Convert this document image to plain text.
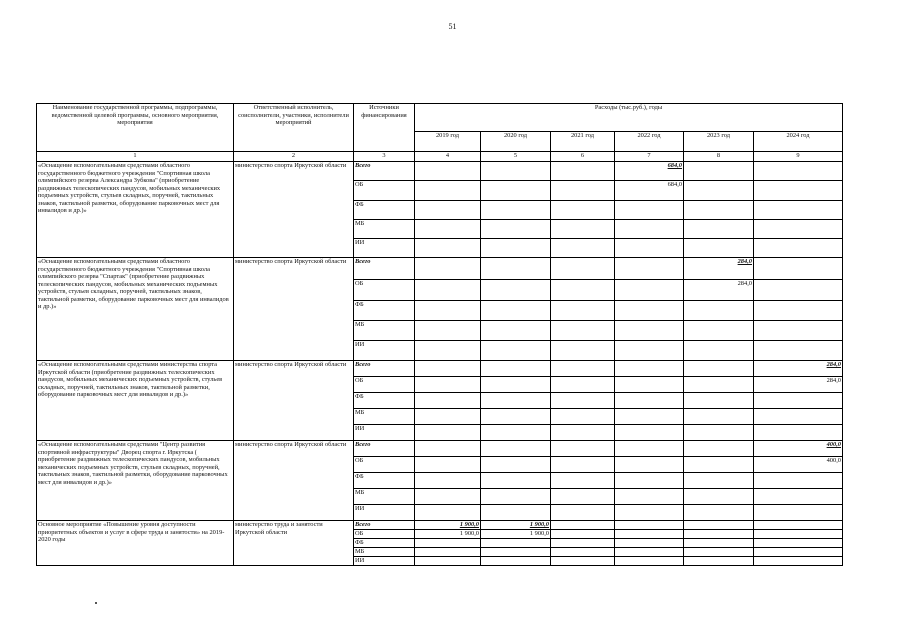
51
Наименование государственной программы, подпрограммы, ведомственной целевой программы, основного мероприятия, мероприятия	Ответственный исполнитель, соисполнители, участники, исполнители мероприятий	Источники финансирования	Расходы (тыс.руб.), годы					
			2019 год	2020 год	2021 год	2022 год	2023 год	2024 год
1	2	3	4	5	6	7	8	9
«Оснащение вспомогательными средствами областного государственного бюджетного учреждения "Спортивная школа олимпийского резерва Александра Зубкова" (приобретение раздвижных телескопических пандусов, мобильных механических подъемных устройств, стульев складных, поручней, тактильных знаков, тактильной разметки, оборудование парковочных мест для инвалидов и др.)»	министерство спорта Иркутской области	Всего				684,0		
		ОБ				684,0		
		ФБ						
		МБ						
		ИИ						
«Оснащение вспомогательными средствами областного государственного бюджетного учреждения "Спортивная школа олимпийского резерва "Спартак" (приобретение раздвижных телескопических пандусов, мобильных механических подъемных устройств, стульев складных, поручней, тактильных знаков, тактильной разметки, оборудование парковочных мест для инвалидов и др.)»	министерство спорта Иркутской области	Всего					284,0	
		ОБ					284,0	
		ФБ						
		МБ						
		ИИ						
«Оснащение вспомогательными средствами министерства спорта Иркутской области (приобретение раздвижных телескопических пандусов, мобильных механических подъемных устройств, стульев складных, поручней, тактильных знаков, тактильной разметки, оборудование парковочных мест для инвалидов и др.)»	министерство спорта Иркутской области	Всего						284,0
		ОБ						284,0
		ФБ						
		МБ						
		ИИ						
«Оснащение вспомогательными средствами "Центр развития спортивной инфраструктуры" Дворец спорта г. Иркутска ( приобретение раздвижных телескопических пандусов, мобильных механических подъемных устройств, стульев складных, поручней, тактильных знаков, тактильной разметки, оборудование парковочных мест для инвалидов и др.)»	министерство спорта Иркутской области	Всего						400,0
		ОБ						400,0
		ФБ						
		МБ						
		ИИ						
Основное мероприятие «Повышение уровня доступности приоритетных объектов и услуг в сфере труда и занятости» на 2019-2020 годы	министерство труда и занятости Иркутской области	Всего	1 900,0	1 900,0				
		ОБ	1 900,0	1 900,0				
		ФБ						
		МБ						
		ИИ						
